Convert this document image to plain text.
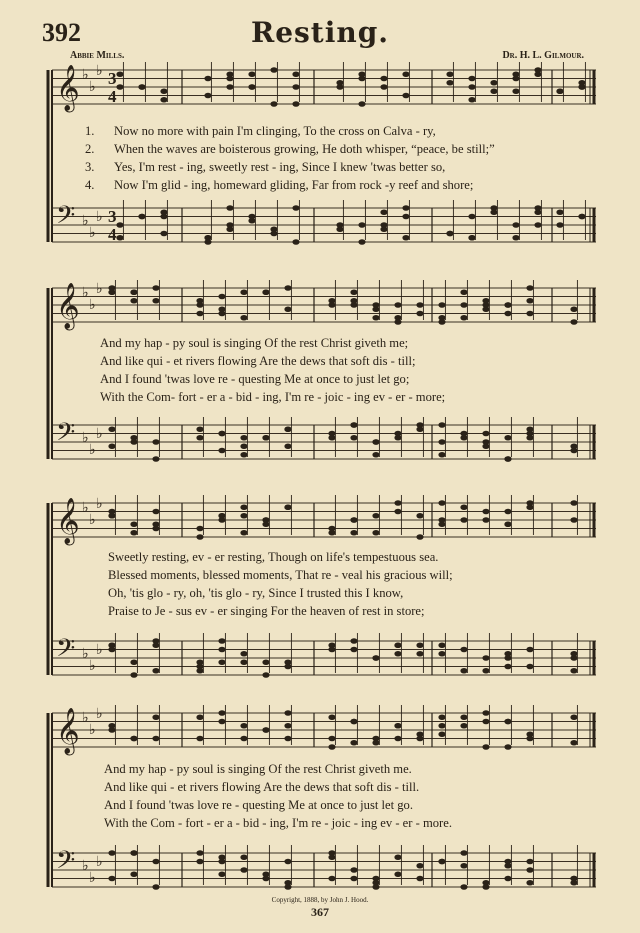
392	Resting.
Abbie Mills.	Dr. H. L. Gilmour.
𝄞 ♭
♭
♭ 3
4
𝄢 ♭
♭
♭ 3
4
1.
2.
3.
4.
Now no more with pain I'm clinging, To the cross on Calva - ry,
When the waves are boisterous growing, He doth whisper, “peace, be still;”
Yes, I'm rest - ing, sweetly rest - ing, Since I knew 'twas better so,
Now I'm glid - ing, homeward gliding, Far from rock -y reef and shore;
𝄞 ♭
♭
♭
𝄢 ♭
♭
♭
And my hap - py soul is singing Of the rest Christ giveth me;
And like qui - et rivers flowing Are the dews that soft dis - till;
And I found 'twas love re - questing Me at once to just let go;
With the Com- fort - er a - bid - ing, I'm re - joic - ing ev - er - more;
𝄞 ♭
♭
♭
𝄢 ♭
♭
♭
Sweetly resting, ev - er resting, Though on life's tempestuous sea.
Blessed moments, blessed moments, That re - veal his gracious will;
Oh, 'tis glo - ry, oh, 'tis glo - ry, Since I trusted this I know,
Praise to Je - sus ev - er singing For the heaven of rest in store;
𝄞 ♭
♭
♭
𝄢 ♭
♭
♭
And my hap - py soul is singing Of the rest Christ giveth me.
And like qui - et rivers flowing Are the dews that soft dis - till.
And I found 'twas love re - questing Me at once to just let go.
With the Com - fort - er a - bid - ing, I'm re - joic - ing ev - er - more.
Copyright, 1888, by John J. Hood.
367
